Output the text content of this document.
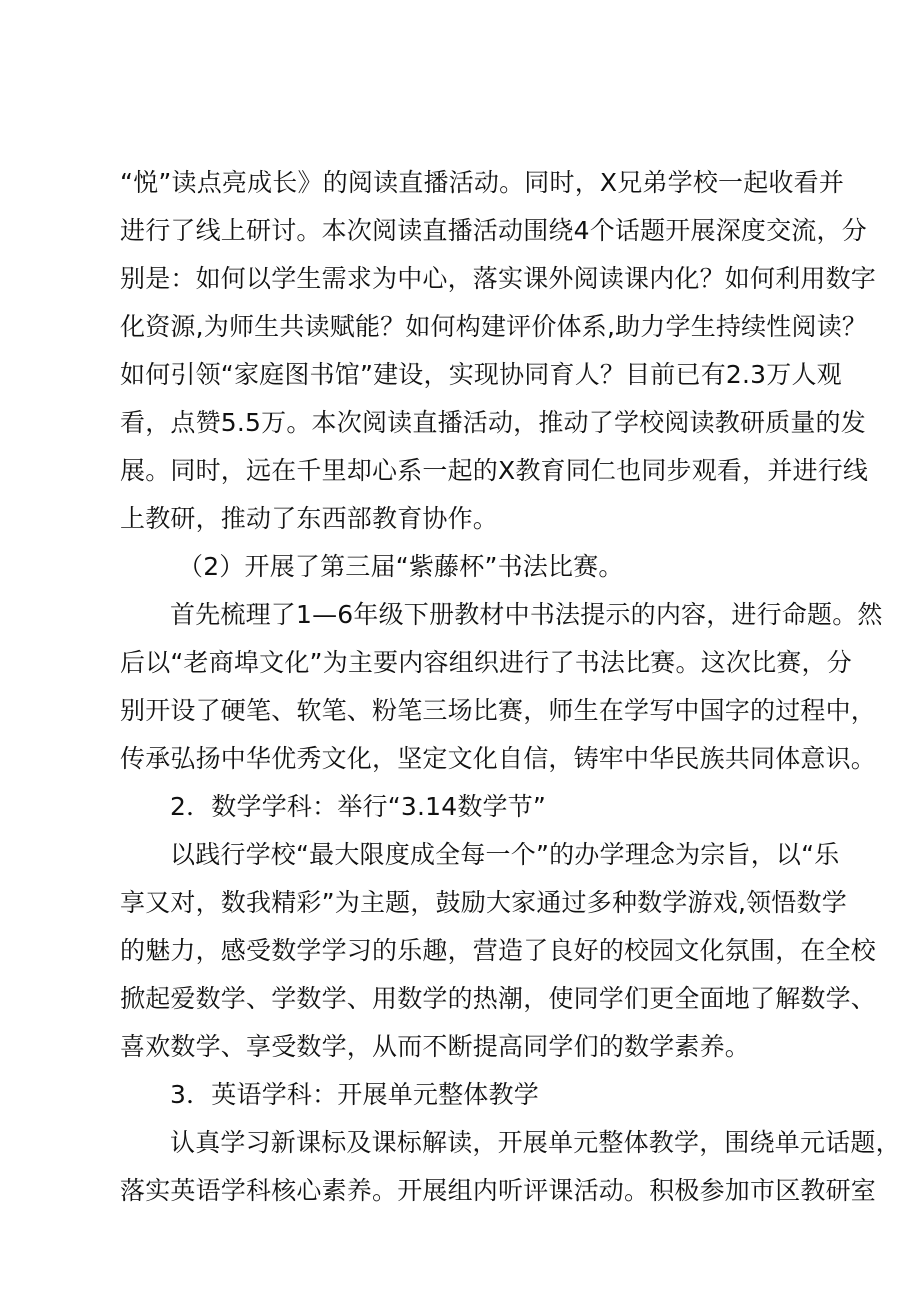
“悦”读点亮成长》的阅读直播活动。同时，X兄弟学校一起收看并
进行了线上研讨。本次阅读直播活动围绕4个话题开展深度交流，分
别是：如何以学生需求为中心，落实课外阅读课内化？如何利用数字
化资源,为师生共读赋能？如何构建评价体系,助力学生持续性阅读？
如何引领“家庭图书馆”建设，实现协同育人？目前已有2.3万人观
看，点赞5.5万。本次阅读直播活动，推动了学校阅读教研质量的发
展。同时，远在千里却心系一起的X教育同仁也同步观看，并进行线
上教研，推动了东西部教育协作。
（2）开展了第三届“紫藤杯”书法比赛。
首先梳理了1—6年级下册教材中书法提示的内容，进行命题。然
后以“老商埠文化”为主要内容组织进行了书法比赛。这次比赛，分
别开设了硬笔、软笔、粉笔三场比赛，师生在学写中国字的过程中，
传承弘扬中华优秀文化，坚定文化自信，铸牢中华民族共同体意识。
2．数学学科：举行“3.14数学节”
以践行学校“最大限度成全每一个”的办学理念为宗旨，以“乐
享又对，数我精彩”为主题，鼓励大家通过多种数学游戏,领悟数学
的魅力，感受数学学习的乐趣，营造了良好的校园文化氛围，在全校
掀起爱数学、学数学、用数学的热潮，使同学们更全面地了解数学、
喜欢数学、享受数学，从而不断提高同学们的数学素养。
3．英语学科：开展单元整体教学
认真学习新课标及课标解读，开展单元整体教学，围绕单元话题，
落实英语学科核心素养。开展组内听评课活动。积极参加市区教研室
